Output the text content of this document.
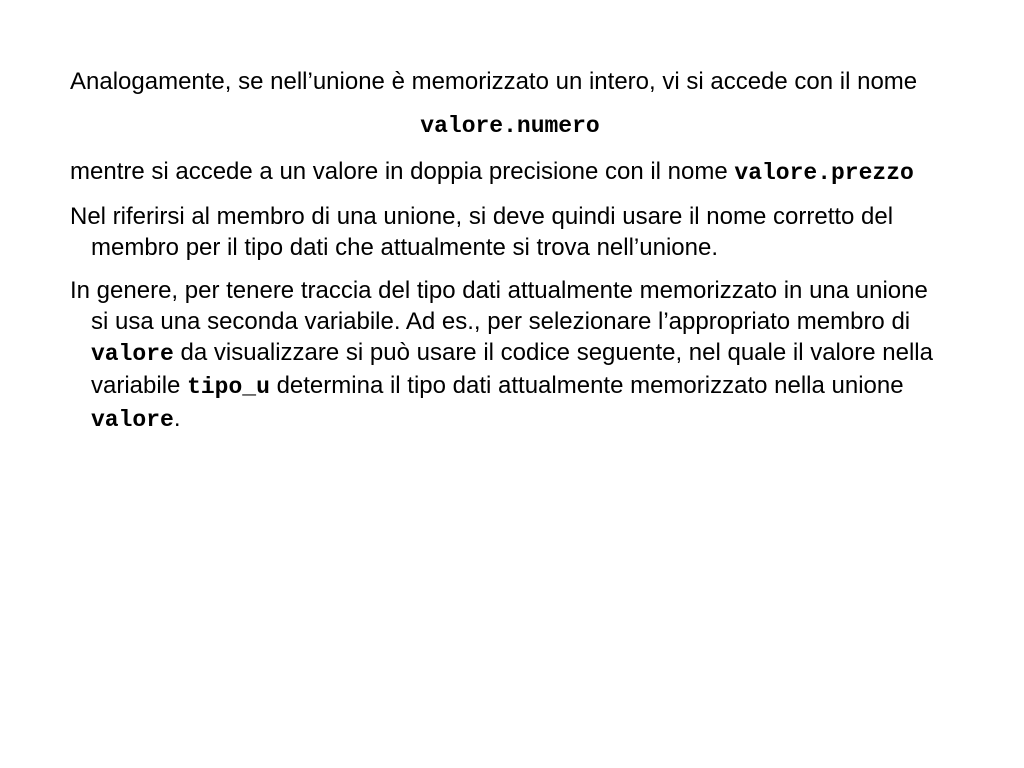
Analogamente, se nell’unione è memorizzato un intero, vi si accede con il nome

valore.numero

mentre si accede a un valore in doppia precisione con il nome valore.prezzo

Nel riferirsi al membro di una unione, si deve quindi usare il nome corretto del membro per il tipo dati che attualmente si trova nell’unione.

In genere, per tenere traccia del tipo dati attualmente memorizzato in una unione si usa una seconda variabile. Ad es., per selezionare l’appropriato membro di valore da visualizzare si può usare il codice seguente, nel quale il valore nella variabile tipo_u determina il tipo dati attualmente memorizzato nella unione valore.
